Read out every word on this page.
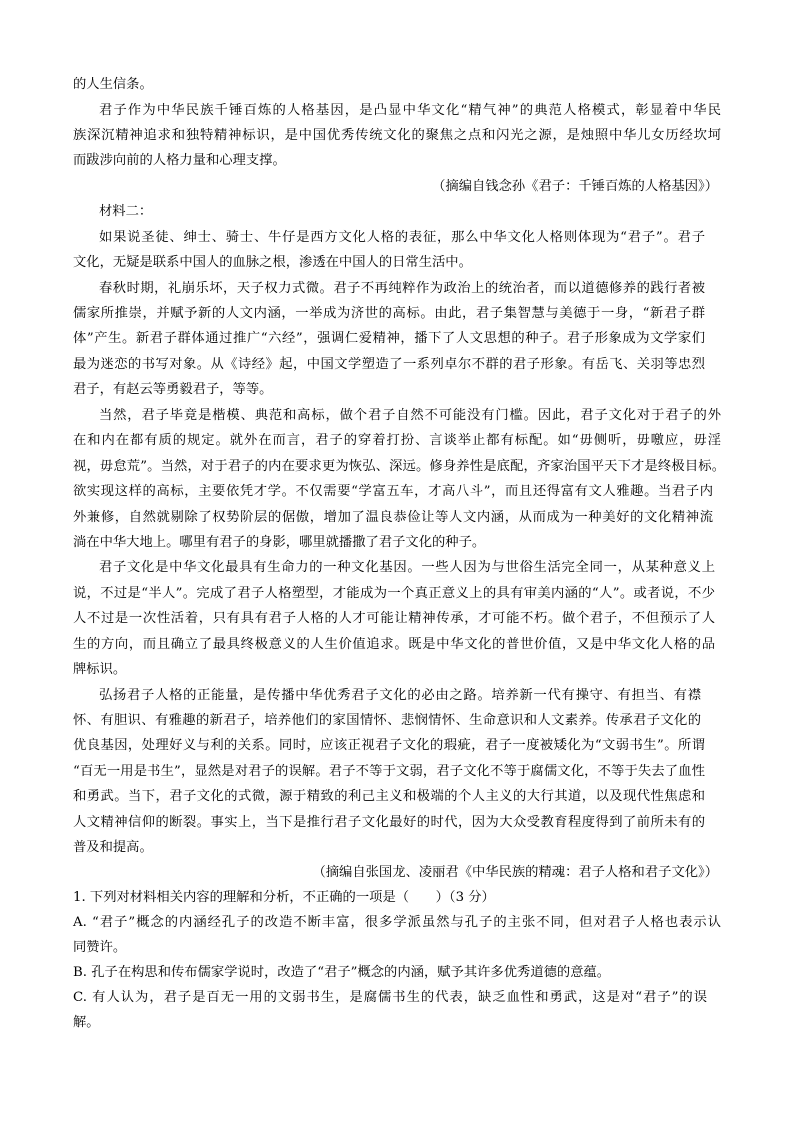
的人生信条。
君子作为中华民族千锤百炼的人格基因，是凸显中华文化“精气神”的典范人格模式，彰显着中华民
族深沉精神追求和独特精神标识，是中国优秀传统文化的聚焦之点和闪光之源，是烛照中华儿女历经坎坷
而跋涉向前的人格力量和心理支撑。
（摘编自钱念孙《君子：千锤百炼的人格基因》）
材料二：
如果说圣徒、绅士、骑士、牛仔是西方文化人格的表征，那么中华文化人格则体现为“君子”。君子
文化，无疑是联系中国人的血脉之根，渗透在中国人的日常生活中。
春秋时期，礼崩乐坏，天子权力式微。君子不再纯粹作为政治上的统治者，而以道德修养的践行者被
儒家所推崇，并赋予新的人文内涵，一举成为济世的高标。由此，君子集智慧与美德于一身，“新君子群
体”产生。新君子群体通过推广“六经”，强调仁爱精神，播下了人文思想的种子。君子形象成为文学家们
最为迷恋的书写对象。从《诗经》起，中国文学塑造了一系列卓尔不群的君子形象。有岳飞、关羽等忠烈
君子，有赵云等勇毅君子，等等。
当然，君子毕竟是楷模、典范和高标，做个君子自然不可能没有门槛。因此，君子文化对于君子的外
在和内在都有质的规定。就外在而言，君子的穿着打扮、言谈举止都有标配。如“毋侧听，毋噭应，毋淫
视，毋怠荒”。当然，对于君子的内在要求更为恢弘、深远。修身养性是底配，齐家治国平天下才是终极目标。
欲实现这样的高标，主要依凭才学。不仅需要“学富五车，才高八斗”，而且还得富有文人雅趣。当君子内
外兼修，自然就剔除了权势阶层的倨傲，增加了温良恭俭让等人文内涵，从而成为一种美好的文化精神流
淌在中华大地上。哪里有君子的身影，哪里就播撒了君子文化的种子。
君子文化是中华文化最具有生命力的一种文化基因。一些人因为与世俗生活完全同一，从某种意义上
说，不过是“半人”。完成了君子人格塑型，才能成为一个真正意义上的具有审美内涵的“人”。或者说，不少
人不过是一次性活着，只有具有君子人格的人才可能让精神传承，才可能不朽。做个君子，不但预示了人
生的方向，而且确立了最具终极意义的人生价值追求。既是中华文化的普世价值，又是中华文化人格的品
牌标识。
弘扬君子人格的正能量，是传播中华优秀君子文化的必由之路。培养新一代有操守、有担当、有襟
怀、有胆识、有雅趣的新君子，培养他们的家国情怀、悲悯情怀、生命意识和人文素养。传承君子文化的
优良基因，处理好义与利的关系。同时，应该正视君子文化的瑕疵，君子一度被矮化为“文弱书生”。所谓
“百无一用是书生”，显然是对君子的误解。君子不等于文弱，君子文化不等于腐儒文化，不等于失去了血性
和勇武。当下，君子文化的式微，源于精致的利己主义和极端的个人主义的大行其道，以及现代性焦虑和
人文精神信仰的断裂。事实上，当下是推行君子文化最好的时代，因为大众受教育程度得到了前所未有的
普及和提高。
（摘编自张国龙、凌丽君《中华民族的精魂：君子人格和君子文化》）
1. 下列对材料相关内容的理解和分析，不正确的一项是（　　）（3 分）
A. “君子”概念的内涵经孔子的改造不断丰富，很多学派虽然与孔子的主张不同，但对君子人格也表示认
同赞许。
B. 孔子在构思和传布儒家学说时，改造了“君子”概念的内涵，赋予其许多优秀道德的意蕴。
C. 有人认为，君子是百无一用的文弱书生，是腐儒书生的代表，缺乏血性和勇武，这是对“君子”的误
解。
